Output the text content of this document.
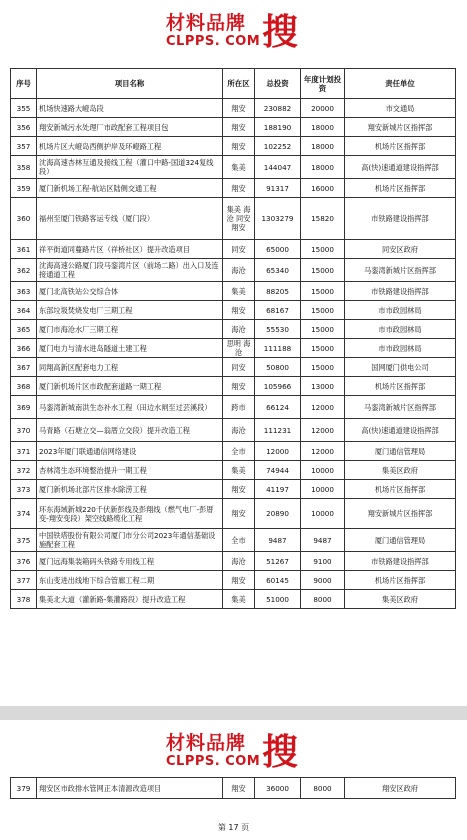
材料品牌
CLPPS. COM 搜
序号	项目名称	所在区	总投资	年度计划投资	责任单位
355	机场快速路大嶝岛段	翔安	230882	20000	市交通局
356	翔安新城污水处理厂市政配套工程项目包	翔安	188190	18000	翔安新城片区指挥部
357	机场片区大嶝岛西侧护岸及环嶝路工程	翔安	102252	18000	机场片区指挥部
358	沈海高速杏林互通及接线工程（灌口中路-国道324复线段）	集美	144047	18000	高(快)速通道建设指挥部
359	厦门新机场工程-航站区陆侧交通工程	翔安	91317	16000	机场片区指挥部
360	福州至厦门铁路客运专线（厦门段）	集美 海沧 同安 翔安	1303279	15820	市铁路建设指挥部
361	祥平街道同蔓路片区（祥桥社区）提升改造项目	同安	65000	15000	同安区政府
362	沈海高速公路厦门段马銮湾片区（前场二路）出入口及连接通道工程	海沧	65340	15000	马銮湾新城片区指挥部
363	厦门北高铁站公交综合体	集美	88205	15000	市铁路建设指挥部
364	东部垃圾焚烧发电厂三期工程	翔安	68167	15000	市市政园林局
365	厦门市海沧水厂三期工程	海沧	55530	15000	市市政园林局
366	厦门电力与清水进岛隧道土建工程	思明 海沧	111188	15000	市市政园林局
367	同翔高新区配套电力工程	同安	50800	15000	国网厦门供电公司
368	厦门新机场片区市政配套道路一期工程	翔安	105966	13000	机场片区指挥部
369	马銮湾新城南洪生态补水工程（田边水闸至过芸溪段）	跨市	66124	12000	马銮湾新城片区指挥部
370	马青路（石塘立交—翁厝立交段）提升改造工程	海沧	111231	12000	高(快)速通道建设指挥部
371	2023年厦门联通通信网络建设	全市	12000	12000	厦门通信管理局
372	杏林湾生态环境整治提升一期工程	集美	74944	10000	集美区政府
373	厦门新机场北部片区排水除涝工程	翔安	41197	10000	机场片区指挥部
374	环东海域新城220千伏新彭线及彭翔线（燃气电厂-彭厝变-翔安变段）架空线路缆化工程	翔安	20890	10000	翔安新城片区指挥部
375	中国铁塔股份有限公司厦门市分公司2023年通信基础设施配套工程	全市	9487	9487	厦门通信管理局
376	厦门远海集装箱码头铁路专用线工程	海沧	51267	9100	市铁路建设指挥部
377	东山变进出线地下综合管廊工程二期	翔安	60145	9000	机场片区指挥部
378	集美北大道（灌新路-集灌路段）提升改造工程	集美	51000	8000	集美区政府
材料品牌
CLPPS. COM 搜
379	翔安区市政排水管网正本清源改造项目	翔安	36000	8000	翔安区政府
第 17 页
